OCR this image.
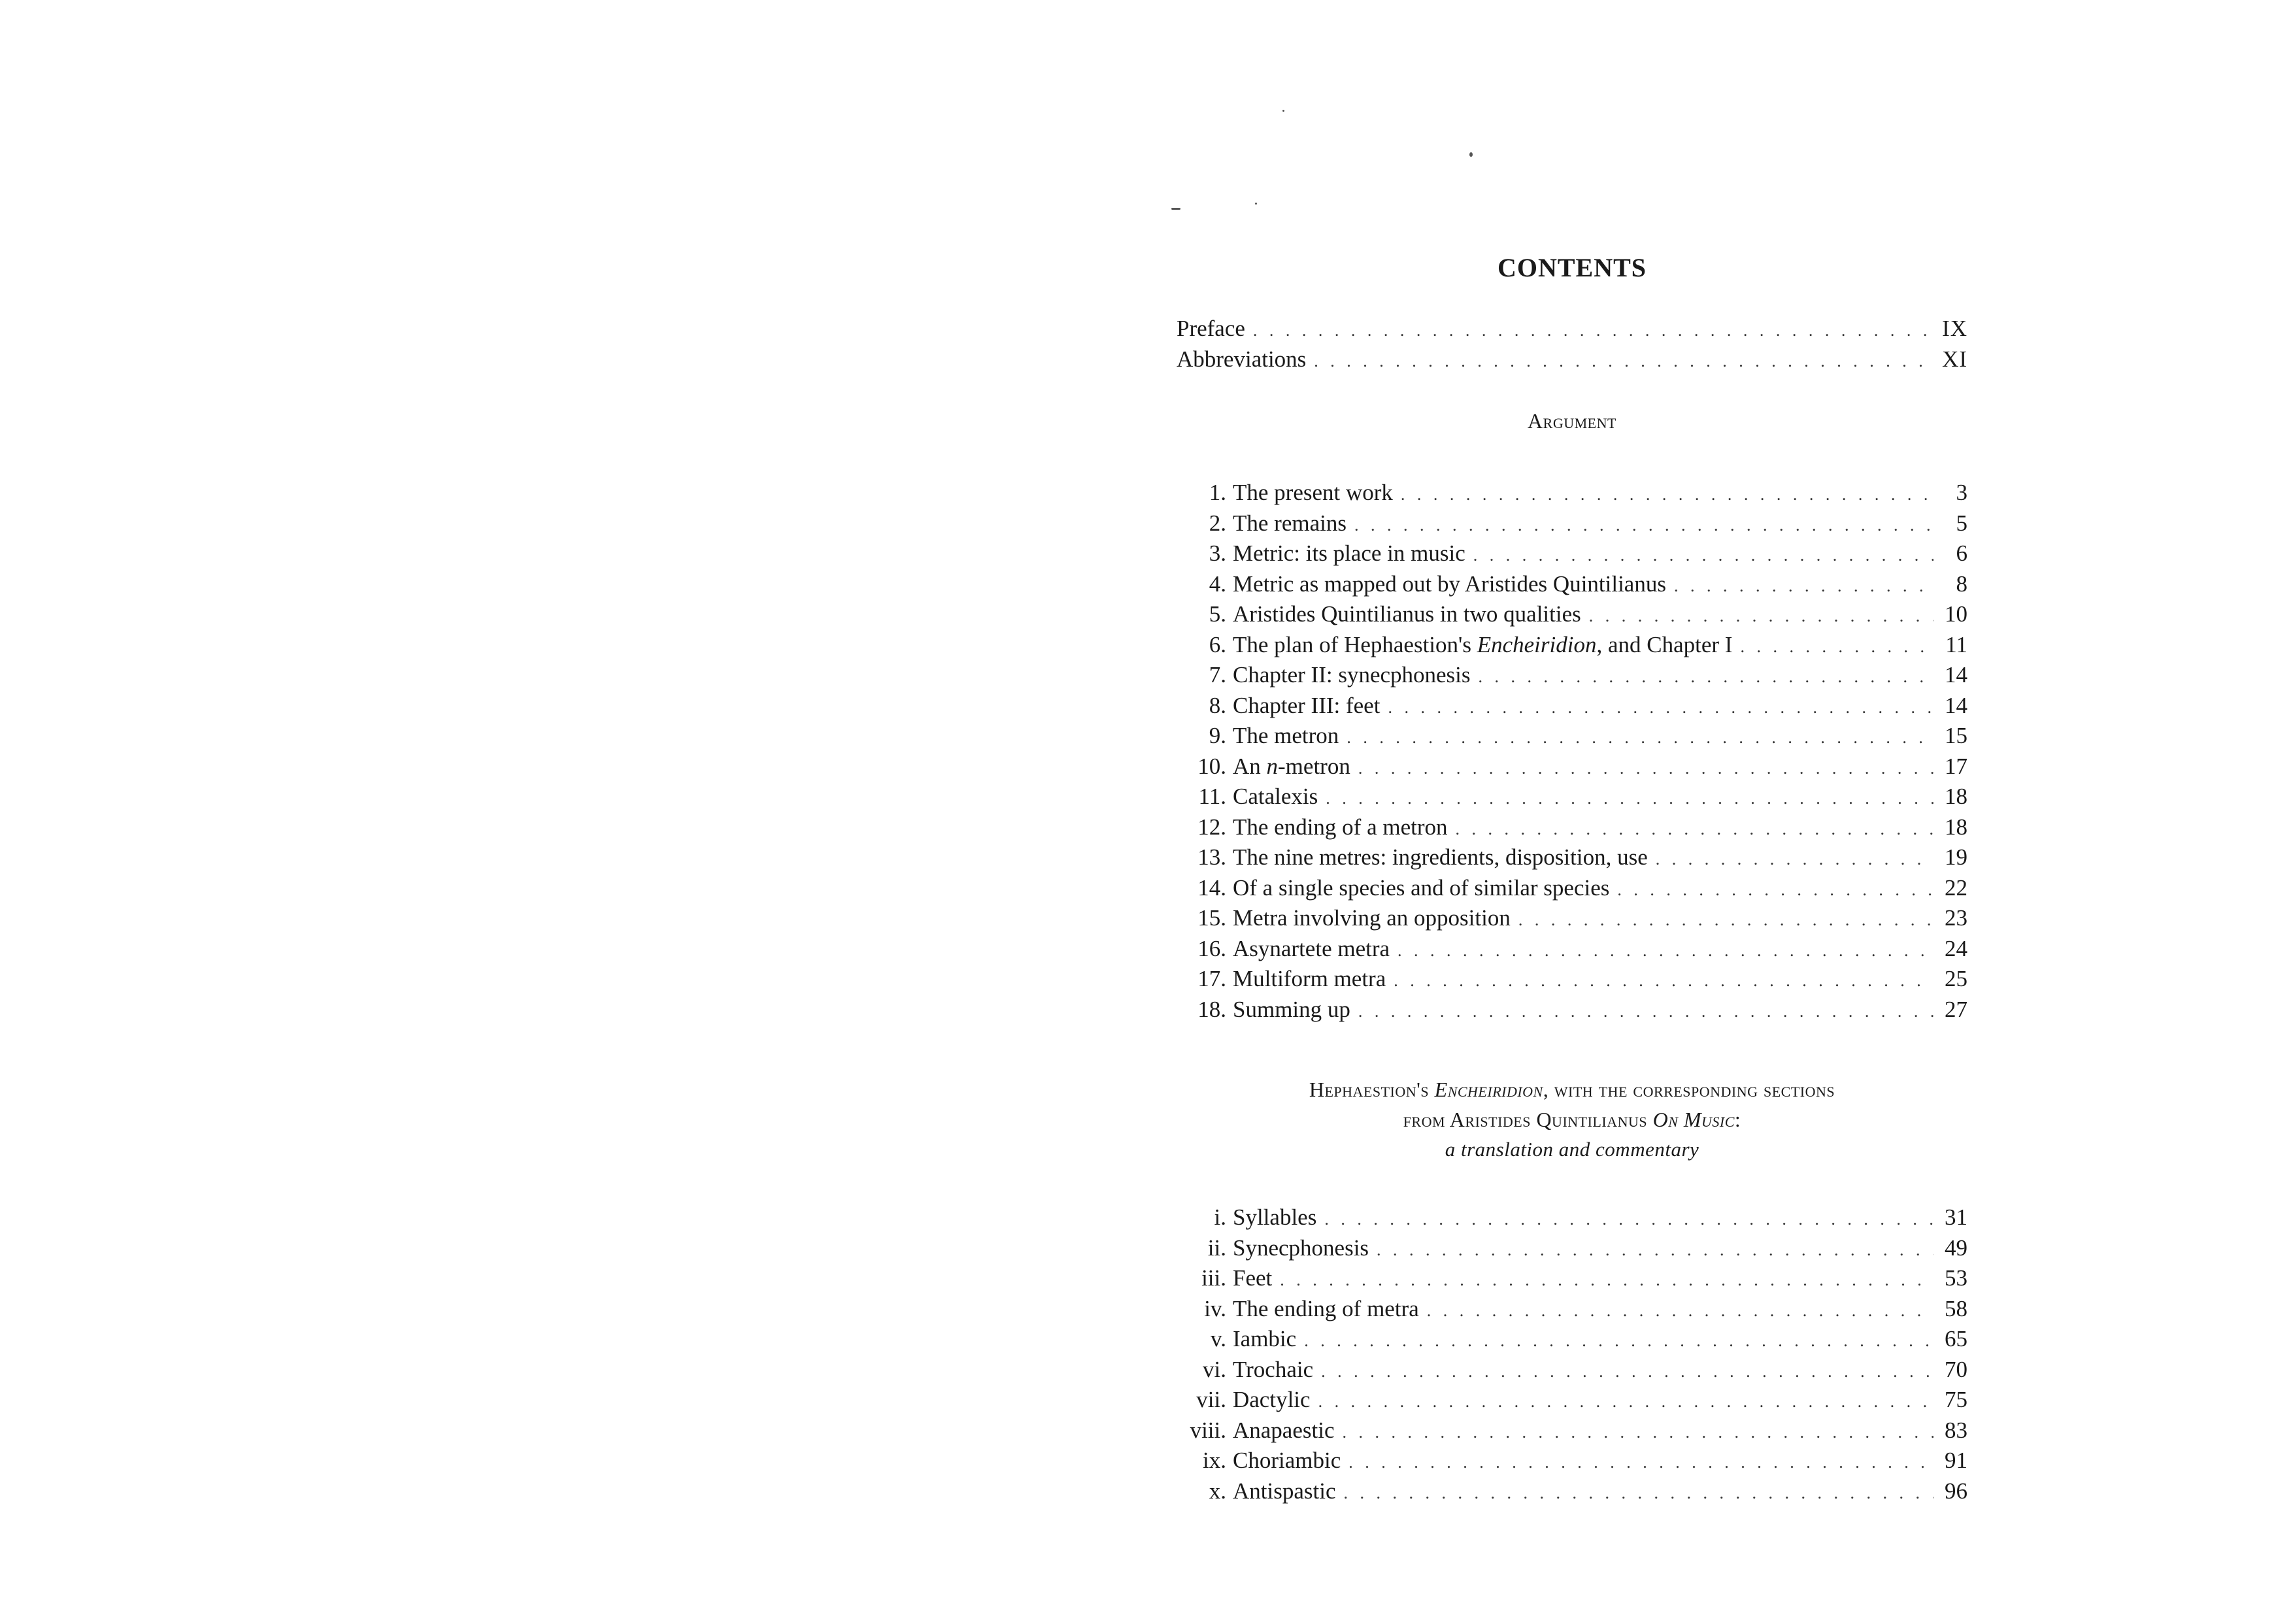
CONTENTS
Preface . . .	IX
Abbreviations . . .	XI
Argument
1. The present work . . .	3
2. The remains . . .	5
3. Metric: its place in music . . .	6
4. Metric as mapped out by Aristides Quintilianus . . .	8
5. Aristides Quintilianus in two qualities . . .	10
6. The plan of Hephaestion's Encheiridion, and Chapter I . . .	11
7. Chapter II: synecphonesis . . .	14
8. Chapter III: feet . . .	14
9. The metron . . .	15
10. An n-metron . . .	17
11. Catalexis . . .	18
12. The ending of a metron . . .	18
13. The nine metres: ingredients, disposition, use . . .	19
14. Of a single species and of similar species . . .	22
15. Metra involving an opposition . . .	23
16. Asynartete metra . . .	24
17. Multiform metra . . .	25
18. Summing up . . .	27
Hephaestion's Encheiridion, with the corresponding sections
from Aristides Quintilianus On Music:
a translation and commentary
i. Syllables . . .	31
ii. Synecphonesis . . .	49
iii. Feet . . .	53
iv. The ending of metra . . .	58
v. Iambic . . .	65
vi. Trochaic . . .	70
vii. Dactylic . . .	75
viii. Anapaestic . . .	83
ix. Choriambic . . .	91
x. Antispastic . . .	96
